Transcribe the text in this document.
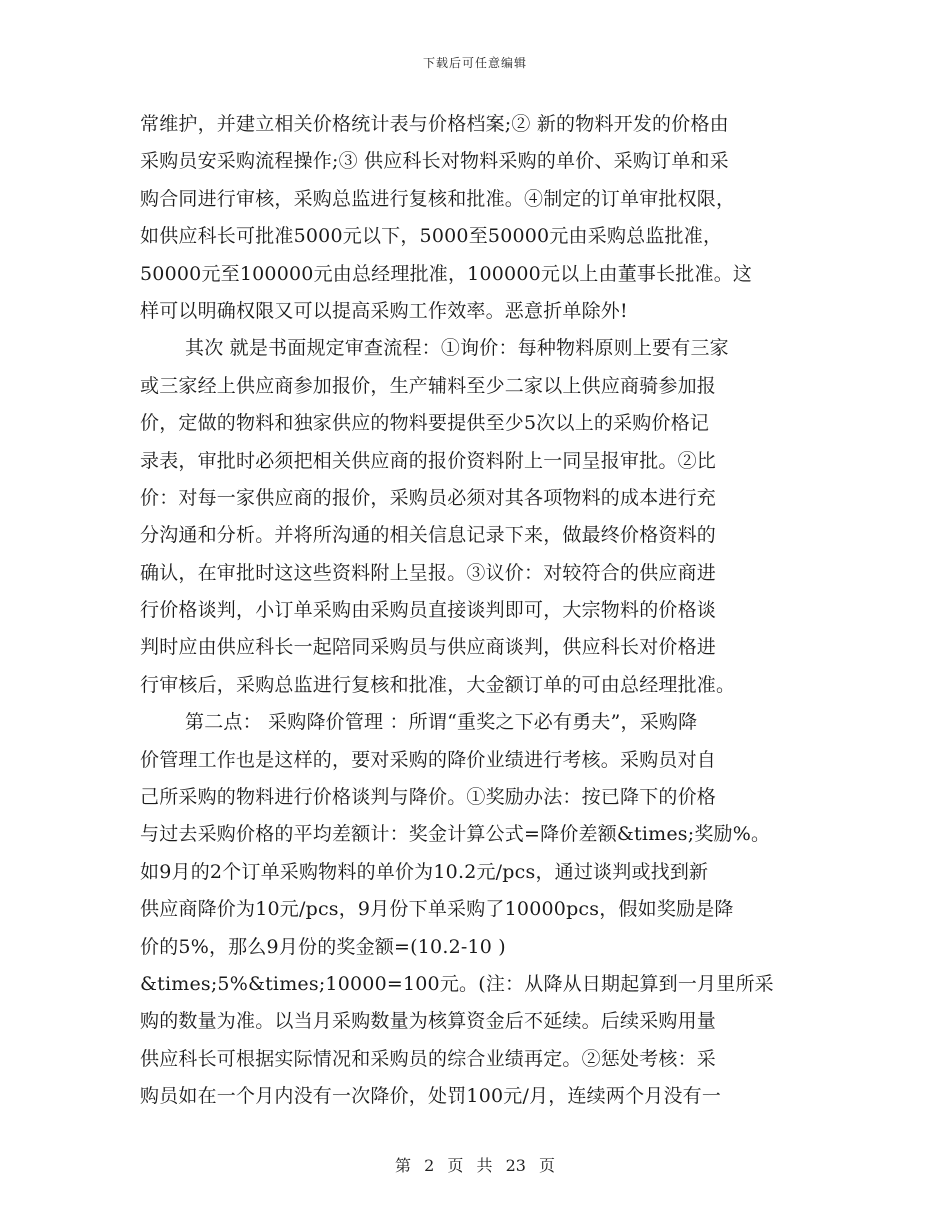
下载后可任意编辑
常维护，并建立相关价格统计表与价格档案;② 新的物料开发的价格由
采购员安采购流程操作;③ 供应科长对物料采购的单价、采购订单和采
购合同进行审核，采购总监进行复核和批准。④制定的订单审批权限，
如供应科长可批准5000元以下，5000至50000元由采购总监批准，
50000元至100000元由总经理批准，100000元以上由董事长批准。这
样可以明确权限又可以提高采购工作效率。恶意折单除外!
其次 就是书面规定审查流程：①询价：每种物料原则上要有三家
或三家经上供应商参加报价，生产辅料至少二家以上供应商骑参加报
价，定做的物料和独家供应的物料要提供至少5次以上的采购价格记
录表，审批时必须把相关供应商的报价资料附上一同呈报审批。②比
价：对每一家供应商的报价，采购员必须对其各项物料的成本进行充
分沟通和分析。并将所沟通的相关信息记录下来，做最终价格资料的
确认，在审批时这这些资料附上呈报。③议价：对较符合的供应商进
行价格谈判，小订单采购由采购员直接谈判即可，大宗物料的价格谈
判时应由供应科长一起陪同采购员与供应商谈判，供应科长对价格进
行审核后，采购总监进行复核和批准，大金额订单的可由总经理批准。
第二点： 采购降价管理 ：所谓“重奖之下必有勇夫”，采购降
价管理工作也是这样的，要对采购的降价业绩进行考核。采购员对自
己所采购的物料进行价格谈判与降价。①奖励办法：按已降下的价格
与过去采购价格的平均差额计：奖金计算公式=降价差额&times;奖励%。
如9月的2个订单采购物料的单价为10.2元/pcs，通过谈判或找到新
供应商降价为10元/pcs，9月份下单采购了10000pcs，假如奖励是降
价的5%，那么9月份的奖金额=(10.2-10 )
&times;5%&times;10000=100元。(注：从降从日期起算到一月里所采
购的数量为准。以当月采购数量为核算资金后不延续。后续采购用量
供应科长可根据实际情况和采购员的综合业绩再定。②惩处考核：采
购员如在一个月内没有一次降价，处罚100元/月，连续两个月没有一
第 2 页 共 23 页
